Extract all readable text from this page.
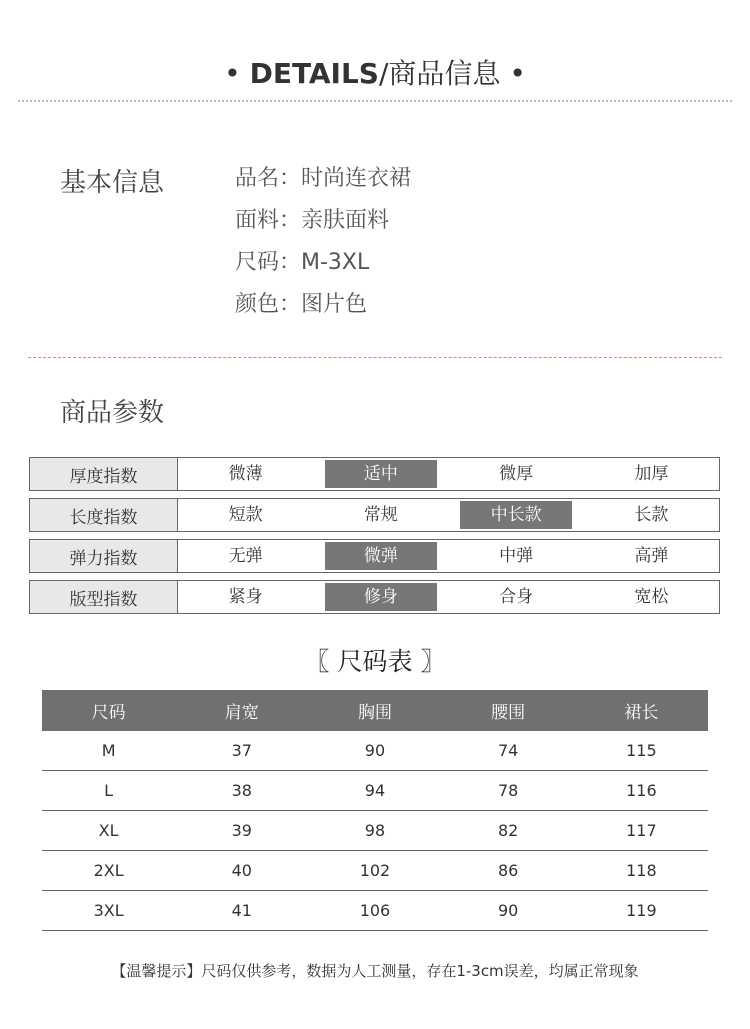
• DETAILS/商品信息 •
基本信息	品名：时尚连衣裙
面料：亲肤面料
尺码：M-3XL
颜色：图片色
商品参数
厚度指数	微薄	适中	微厚	加厚
长度指数	短款	常规	中长款	长款
弹力指数	无弹	微弹	中弹	高弹
版型指数	紧身	修身	合身	宽松
〖 尺码表 〗
尺码	肩宽	胸围	腰围	裙长
M	37	90	74	115
L	38	94	78	116
XL	39	98	82	117
2XL	40	102	86	118
3XL	41	106	90	119
【温馨提示】尺码仅供参考，数据为人工测量，存在1-3cm误差，均属正常现象
